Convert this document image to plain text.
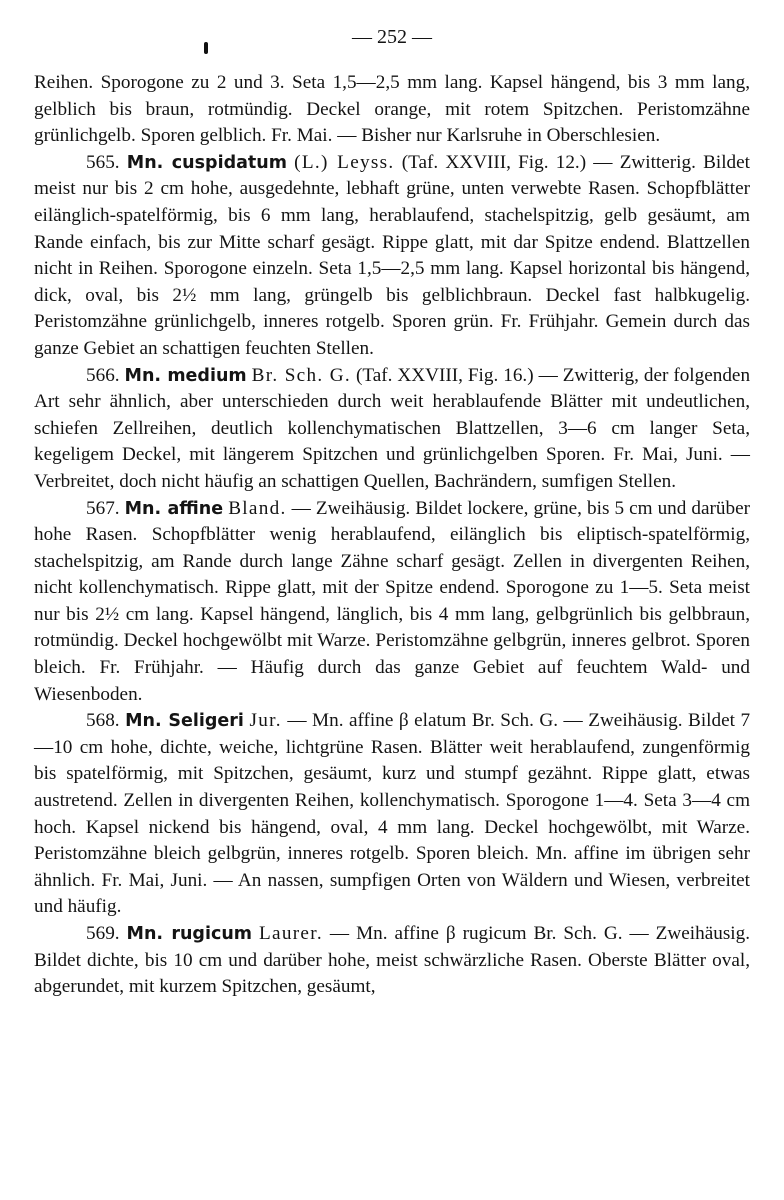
— 252 —

Reihen. Sporogone zu 2 und 3. Seta 1,5—2,5 mm lang. Kapsel hängend, bis 3 mm lang, gelblich bis braun, rotmündig. Deckel orange, mit rotem Spitzchen. Peristomzähne grünlichgelb. Sporen gelblich. Fr. Mai. — Bisher nur Karlsruhe in Oberschlesien.

565. Mn. cuspidatum (L.) Leyss. (Taf. XXVIII, Fig. 12.) — Zwitterig. Bildet meist nur bis 2 cm hohe, ausgedehnte, lebhaft grüne, unten verwebte Rasen. Schopfblätter eilänglich-spatelförmig, bis 6 mm lang, herablaufend, stachelspitzig, gelb gesäumt, am Rande einfach, bis zur Mitte scharf gesägt. Rippe glatt, mit dar Spitze endend. Blattzellen nicht in Reihen. Sporogone einzeln. Seta 1,5—2,5 mm lang. Kapsel horizontal bis hängend, dick, oval, bis 2½ mm lang, grüngelb bis gelblichbraun. Deckel fast halbkugelig. Peristomzähne grünlichgelb, inneres rotgelb. Sporen grün. Fr. Frühjahr. Gemein durch das ganze Gebiet an schattigen feuchten Stellen.

566. Mn. medium Br. Sch. G. (Taf. XXVIII, Fig. 16.) — Zwitterig, der folgenden Art sehr ähnlich, aber unterschieden durch weit herablaufende Blätter mit undeutlichen, schiefen Zellreihen, deutlich kollenchymatischen Blattzellen, 3—6 cm langer Seta, kegeligem Deckel, mit längerem Spitzchen und grünlichgelben Sporen. Fr. Mai, Juni. — Verbreitet, doch nicht häufig an schattigen Quellen, Bachrändern, sumfigen Stellen.

567. Mn. affine Bland. — Zweihäusig. Bildet lockere, grüne, bis 5 cm und darüber hohe Rasen. Schopfblätter wenig herablaufend, eilänglich bis eliptisch-spatelförmig, stachelspitzig, am Rande durch lange Zähne scharf gesägt. Zellen in divergenten Reihen, nicht kollenchymatisch. Rippe glatt, mit der Spitze endend. Sporogone zu 1—5. Seta meist nur bis 2½ cm lang. Kapsel hängend, länglich, bis 4 mm lang, gelbgrünlich bis gelbbraun, rotmündig. Deckel hochgewölbt mit Warze. Peristomzähne gelbgrün, inneres gelbrot. Sporen bleich. Fr. Frühjahr. — Häufig durch das ganze Gebiet auf feuchtem Wald- und Wiesenboden.

568. Mn. Seligeri Jur. — Mn. affine β elatum Br. Sch. G. — Zweihäusig. Bildet 7—10 cm hohe, dichte, weiche, lichtgrüne Rasen. Blätter weit herablaufend, zungenförmig bis spatelförmig, mit Spitzchen, gesäumt, kurz und stumpf gezähnt. Rippe glatt, etwas austretend. Zellen in divergenten Reihen, kollenchymatisch. Sporogone 1—4. Seta 3—4 cm hoch. Kapsel nickend bis hängend, oval, 4 mm lang. Deckel hochgewölbt, mit Warze. Peristomzähne bleich gelbgrün, inneres rotgelb. Sporen bleich. Mn. affine im übrigen sehr ähnlich. Fr. Mai, Juni. — An nassen, sumpfigen Orten von Wäldern und Wiesen, verbreitet und häufig.

569. Mn. rugicum Laurer. — Mn. affine β rugicum Br. Sch. G. — Zweihäusig. Bildet dichte, bis 10 cm und darüber hohe, meist schwärzliche Rasen. Oberste Blätter oval, abgerundet, mit kurzem Spitzchen, gesäumt,
